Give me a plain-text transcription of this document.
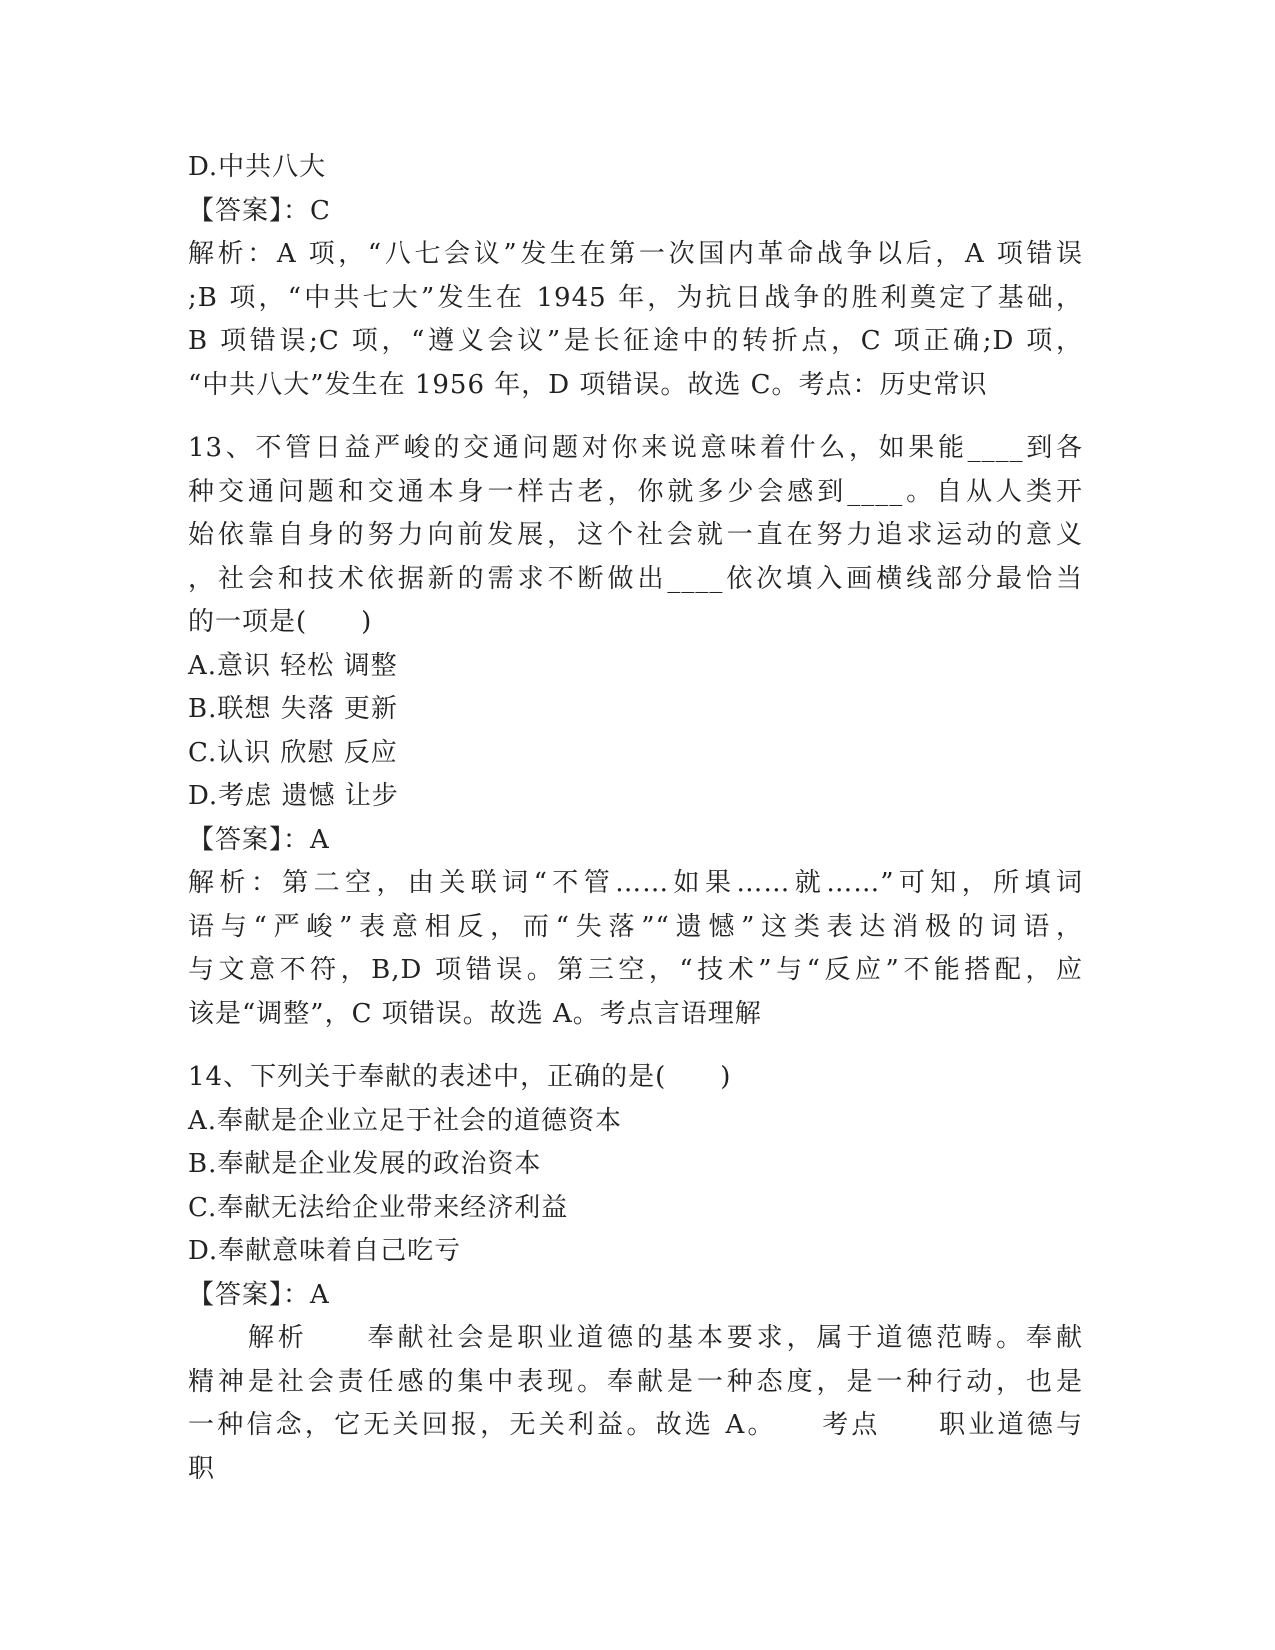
D.中共八大
【答案】：C
解析：A 项，“八七会议”发生在第一次国内革命战争以后，A 项错误
;B 项，“中共七大”发生在 1945 年，为抗日战争的胜利奠定了基础，
B 项错误;C 项，“遵义会议”是长征途中的转折点，C 项正确;D 项，
“中共八大”发生在 1956 年，D 项错误。故选 C。考点：历史常识
13、不管日益严峻的交通问题对你来说意味着什么，如果能____到各
种交通问题和交通本身一样古老，你就多少会感到____。自从人类开
始依靠自身的努力向前发展，这个社会就一直在努力追求运动的意义
，社会和技术依据新的需求不断做出____依次填入画横线部分最恰当
的一项是(　　)
A.意识 轻松 调整
B.联想 失落 更新
C.认识 欣慰 反应
D.考虑 遗憾 让步
【答案】：A
解析：第二空，由关联词“不管……如果……就……”可知，所填词
语与“严峻”表意相反，而“失落”“遗憾”这类表达消极的词语，
与文意不符，B,D 项错误。第三空，“技术”与“反应”不能搭配，应
该是“调整”，C 项错误。故选 A。考点言语理解
14、下列关于奉献的表述中，正确的是(　　)
A.奉献是企业立足于社会的道德资本
B.奉献是企业发展的政治资本
C.奉献无法给企业带来经济利益
D.奉献意味着自己吃亏
【答案】：A
　　解析　　奉献社会是职业道德的基本要求，属于道德范畴。奉献
精神是社会责任感的集中表现。奉献是一种态度，是一种行动，也是
一种信念，它无关回报，无关利益。故选 A。　　考点　　职业道德与
职
